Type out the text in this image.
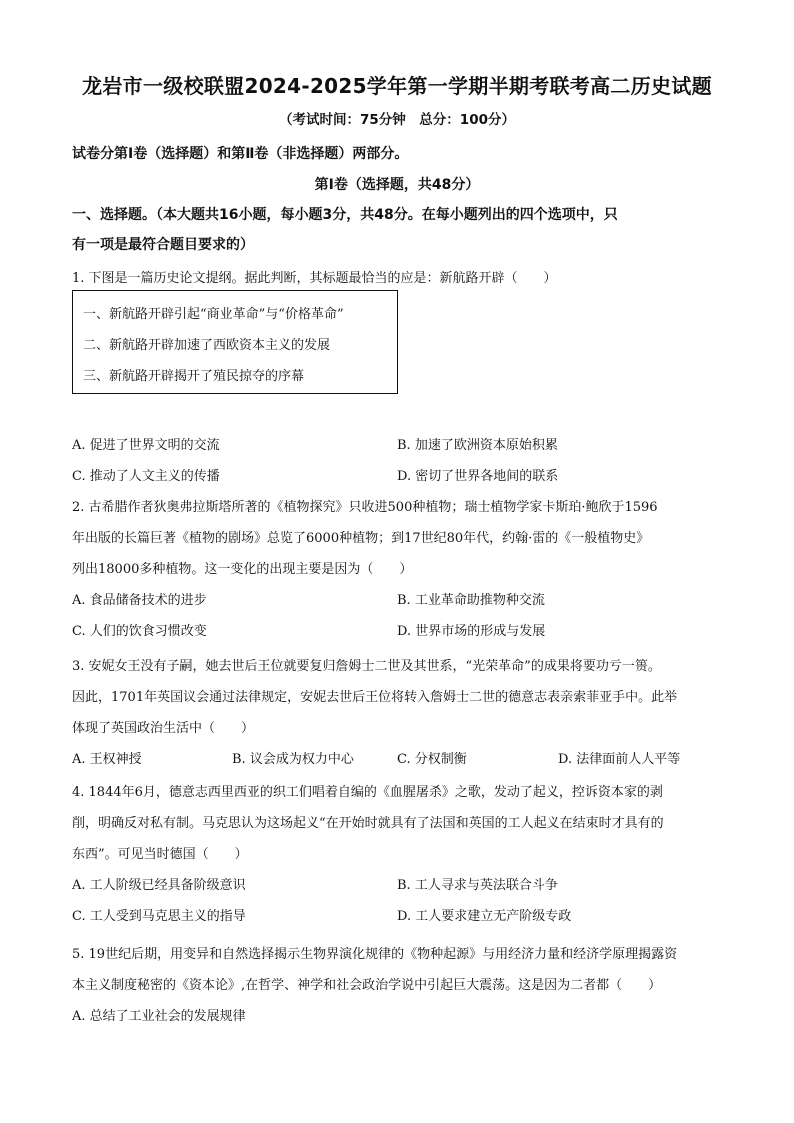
龙岩市一级校联盟2024-2025学年第一学期半期考联考高二历史试题
（考试时间：75分钟　总分：100分）
试卷分第Ⅰ卷（选择题）和第Ⅱ卷（非选择题）两部分。
第Ⅰ卷（选择题，共48分）
一、选择题。（本大题共16小题，每小题3分，共48分。在每小题列出的四个选项中，只
有一项是最符合题目要求的）
1. 下图是一篇历史论文提纲。据此判断，其标题最恰当的应是：新航路开辟（　　）
一、新航路开辟引起“商业革命”与“价格革命”
二、新航路开辟加速了西欧资本主义的发展
三、新航路开辟揭开了殖民掠夺的序幕
A. 促进了世界文明的交流	B. 加速了欧洲资本原始积累
C. 推动了人文主义的传播	D. 密切了世界各地间的联系
2. 古希腊作者狄奥弗拉斯塔所著的《植物探究》只收进500种植物；瑞士植物学家卡斯珀·鲍欣于1596
年出版的长篇巨著《植物的剧场》总览了6000种植物；到17世纪80年代，约翰·雷的《一般植物史》
列出18000多种植物。这一变化的出现主要是因为（　　）
A. 食品储备技术的进步	B. 工业革命助推物种交流
C. 人们的饮食习惯改变	D. 世界市场的形成与发展
3. 安妮女王没有子嗣，她去世后王位就要复归詹姆士二世及其世系，“光荣革命”的成果将要功亏一篑。
因此，1701年英国议会通过法律规定，安妮去世后王位将转入詹姆士二世的德意志表亲索菲亚手中。此举
体现了英国政治生活中（　　）
A. 王权神授	B. 议会成为权力中心	C. 分权制衡	D. 法律面前人人平等
4. 1844年6月，德意志西里西亚的织工们唱着自编的《血腥屠杀》之歌，发动了起义，控诉资本家的剥
削，明确反对私有制。马克思认为这场起义“在开始时就具有了法国和英国的工人起义在结束时才具有的
东西”。可见当时德国（　　）
A. 工人阶级已经具备阶级意识	B. 工人寻求与英法联合斗争
C. 工人受到马克思主义的指导	D. 工人要求建立无产阶级专政
5. 19世纪后期，用变异和自然选择揭示生物界演化规律的《物种起源》与用经济力量和经济学原理揭露资
本主义制度秘密的《资本论》,在哲学、神学和社会政治学说中引起巨大震荡。这是因为二者都（　　）
A. 总结了工业社会的发展规律
